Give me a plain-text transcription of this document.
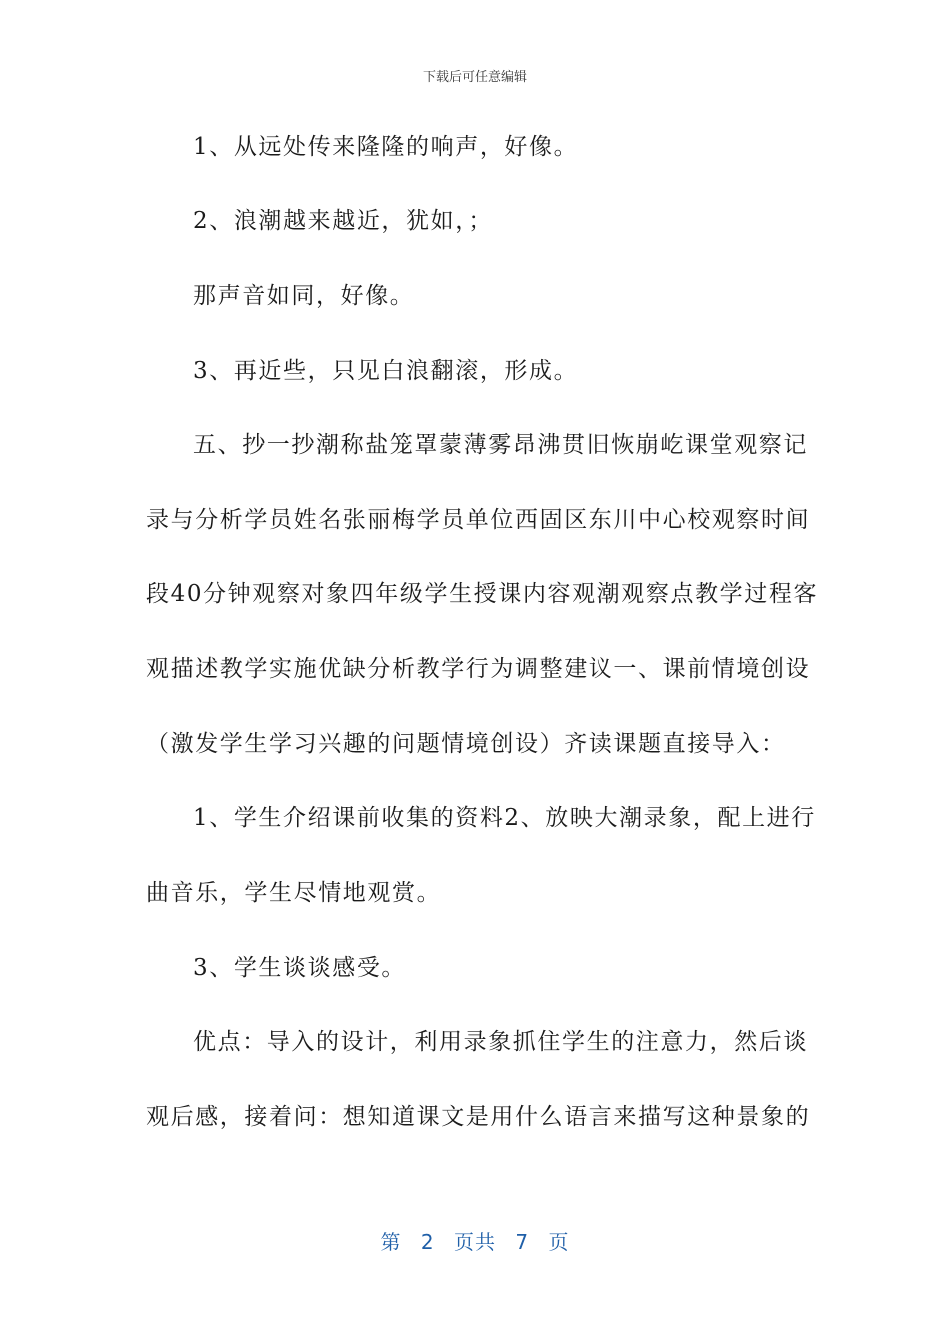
下载后可任意编辑
1、从远处传来隆隆的响声，好像。
2、浪潮越来越近，犹如，；
那声音如同，好像。
3、再近些，只见白浪翻滚，形成。
五、抄一抄潮称盐笼罩蒙薄雾昂沸贯旧恢崩屹课堂观察记
录与分析学员姓名张丽梅学员单位西固区东川中心校观察时间
段40分钟观察对象四年级学生授课内容观潮观察点教学过程客
观描述教学实施优缺分析教学行为调整建议一、课前情境创设
（激发学生学习兴趣的问题情境创设）齐读课题直接导入：
1、学生介绍课前收集的资料2、放映大潮录象，配上进行
曲音乐，学生尽情地观赏。
3、学生谈谈感受。
优点：导入的设计，利用录象抓住学生的注意力，然后谈
观后感，接着问：想知道课文是用什么语言来描写这种景象的
第 2 页共 7 页
